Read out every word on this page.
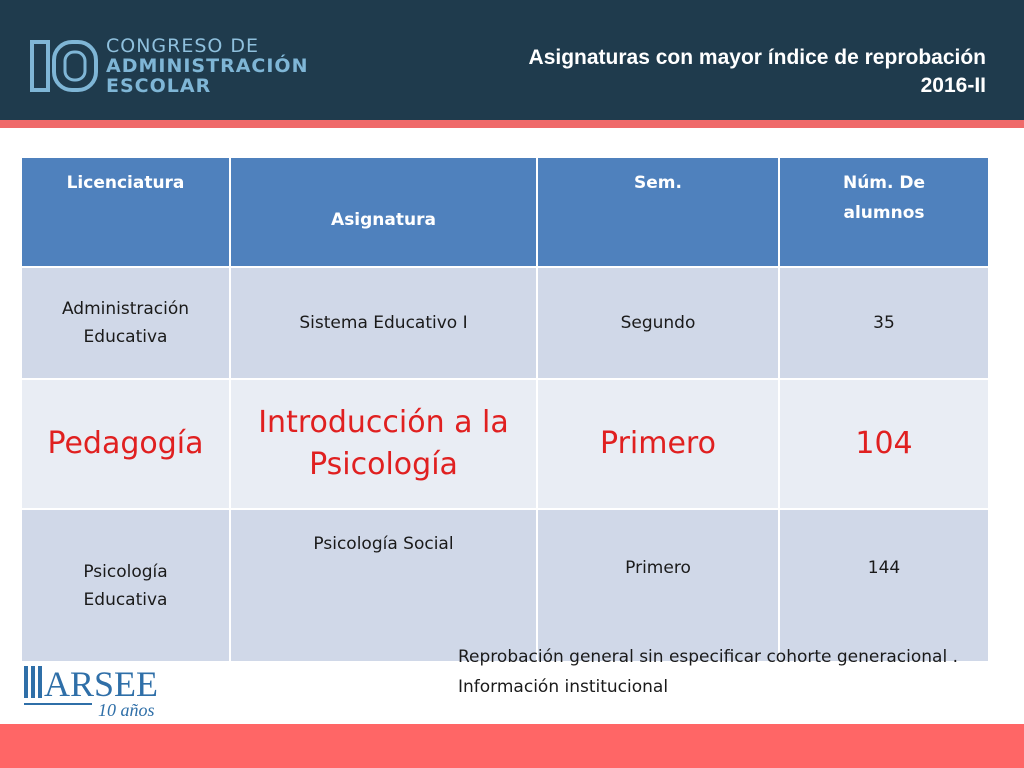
CONGRESO DE
ADMINISTRACIÓN
ESCOLAR
Asignaturas con mayor índice de reprobación
2016-II
Licenciatura	Asignatura	Sem.	Núm. De alumnos
Administración Educativa	Sistema Educativo I	Segundo	35
Pedagogía	Introducción a la Psicología	Primero	104
Psicología Educativa	Psicología Social	Primero	144
ARSEE
10 años
Reprobación general sin especificar cohorte generacional . Información institucional
